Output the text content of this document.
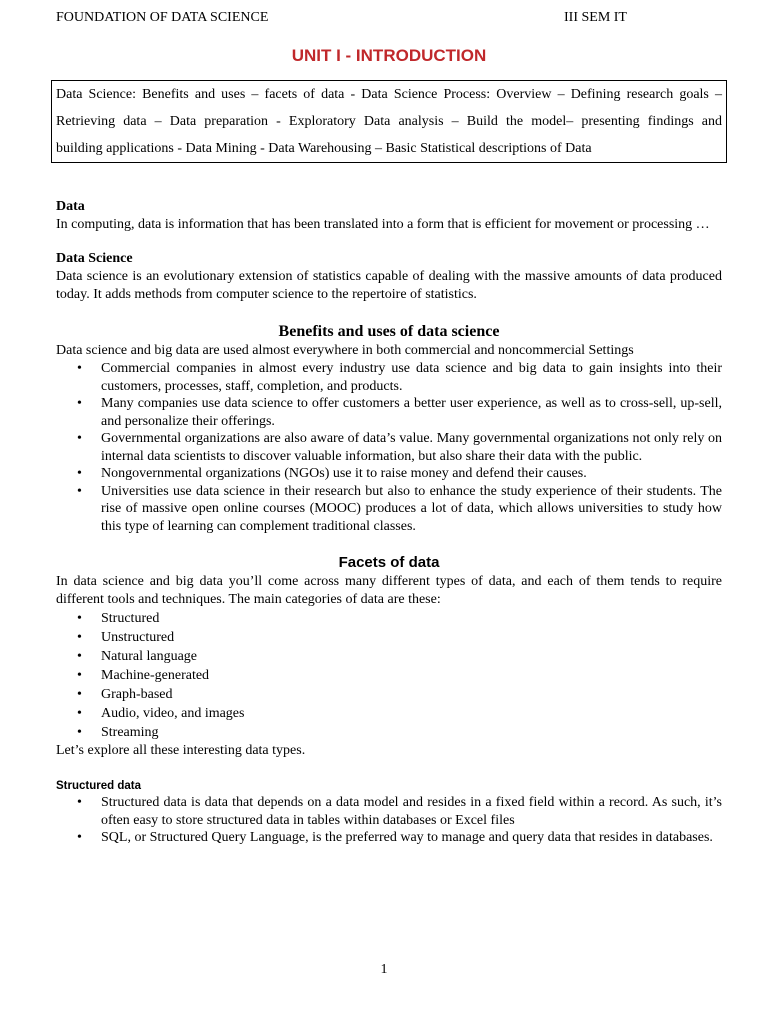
FOUNDATION OF DATA SCIENCE	III SEM IT
UNIT I - INTRODUCTION
Data Science: Benefits and uses – facets of data - Data Science Process: Overview – Defining research goals –
Retrieving data – Data preparation - Exploratory Data analysis – Build the model– presenting findings and
building applications - Data Mining - Data Warehousing – Basic Statistical descriptions of Data

Data

In computing, data is information that has been translated into a form that is efficient for movement or processing …

Data Science

Data science is an evolutionary extension of statistics capable of dealing with the massive amounts of data produced today. It adds methods from computer science to the repertoire of statistics.

Benefits and uses of data science

Data science and big data are used almost everywhere in both commercial and noncommercial Settings

• Commercial companies in almost every industry use data science and big data to gain insights into their customers, processes, staff, completion, and products.
• Many companies use data science to offer customers a better user experience, as well as to cross-sell, up-sell, and personalize their offerings.
• Governmental organizations are also aware of data’s value. Many governmental organizations not only rely on internal data scientists to discover valuable information, but also share their data with the public.
• Nongovernmental organizations (NGOs) use it to raise money and defend their causes.
• Universities use data science in their research but also to enhance the study experience of their students. The rise of massive open online courses (MOOC) produces a lot of data, which allows universities to study how this type of learning can complement traditional classes.

Facets of data

In data science and big data you’ll come across many different types of data, and each of them tends to require different tools and techniques. The main categories of data are these:

• Structured
• Unstructured
• Natural language
• Machine-generated
• Graph-based
• Audio, video, and images
• Streaming

Let’s explore all these interesting data types.

Structured data

• Structured data is data that depends on a data model and resides in a fixed field within a record. As such, it’s often easy to store structured data in tables within databases or Excel files
• SQL, or Structured Query Language, is the preferred way to manage and query data that resides in databases.
1
